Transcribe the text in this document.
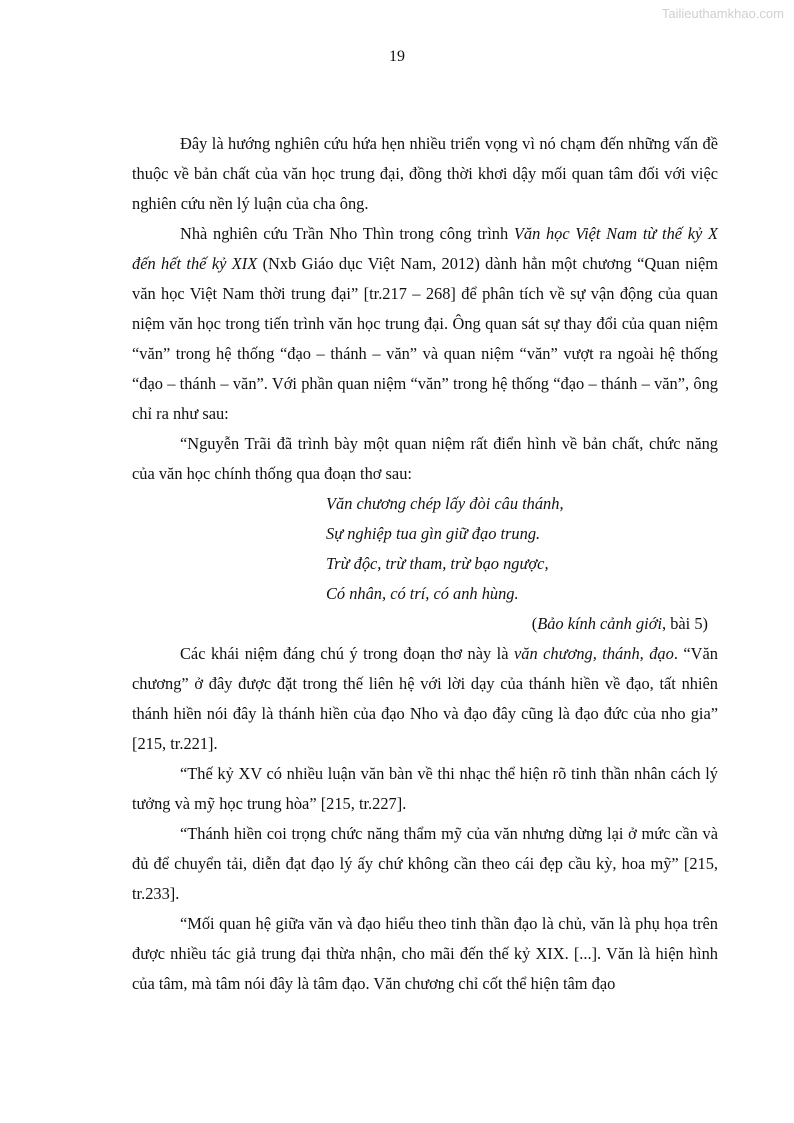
Tailieuthamkhao.com
19

Đây là hướng nghiên cứu hứa hẹn nhiều triển vọng vì nó chạm đến những vấn đề thuộc về bản chất của văn học trung đại, đồng thời khơi dậy mối quan tâm đối với việc nghiên cứu nền lý luận của cha ông.

Nhà nghiên cứu Trần Nho Thìn trong công trình Văn học Việt Nam từ thế kỷ X đến hết thế kỷ XIX (Nxb Giáo dục Việt Nam, 2012) dành hẳn một chương “Quan niệm văn học Việt Nam thời trung đại” [tr.217 – 268] để phân tích về sự vận động của quan niệm văn học trong tiến trình văn học trung đại. Ông quan sát sự thay đổi của quan niệm “văn” trong hệ thống “đạo – thánh – văn” và quan niệm “văn” vượt ra ngoài hệ thống “đạo – thánh – văn”. Với phần quan niệm “văn” trong hệ thống “đạo – thánh – văn”, ông chỉ ra như sau:

“Nguyễn Trãi đã trình bày một quan niệm rất điển hình về bản chất, chức năng của văn học chính thống qua đoạn thơ sau:

Văn chương chép lấy đòi câu thánh,
Sự nghiệp tua gìn giữ đạo trung.
Trừ độc, trừ tham, trừ bạo ngược,
Có nhân, có trí, có anh hùng.

(Bảo kính cảnh giới, bài 5)

Các khái niệm đáng chú ý trong đoạn thơ này là văn chương, thánh, đạo. “Văn chương” ở đây được đặt trong thế liên hệ với lời dạy của thánh hiền về đạo, tất nhiên thánh hiền nói đây là thánh hiền của đạo Nho và đạo đây cũng là đạo đức của nho gia” [215, tr.221].

“Thế kỷ XV có nhiều luận văn bàn về thi nhạc thể hiện rõ tinh thần nhân cách lý tưởng và mỹ học trung hòa” [215, tr.227].

“Thánh hiền coi trọng chức năng thẩm mỹ của văn nhưng dừng lại ở mức cần và đủ để chuyển tải, diễn đạt đạo lý ấy chứ không cần theo cái đẹp cầu kỳ, hoa mỹ” [215, tr.233].

“Mối quan hệ giữa văn và đạo hiểu theo tinh thần đạo là chủ, văn là phụ họa trên được nhiều tác giả trung đại thừa nhận, cho mãi đến thế kỷ XIX. [...]. Văn là hiện hình của tâm, mà tâm nói đây là tâm đạo. Văn chương chỉ cốt thể hiện tâm đạo
